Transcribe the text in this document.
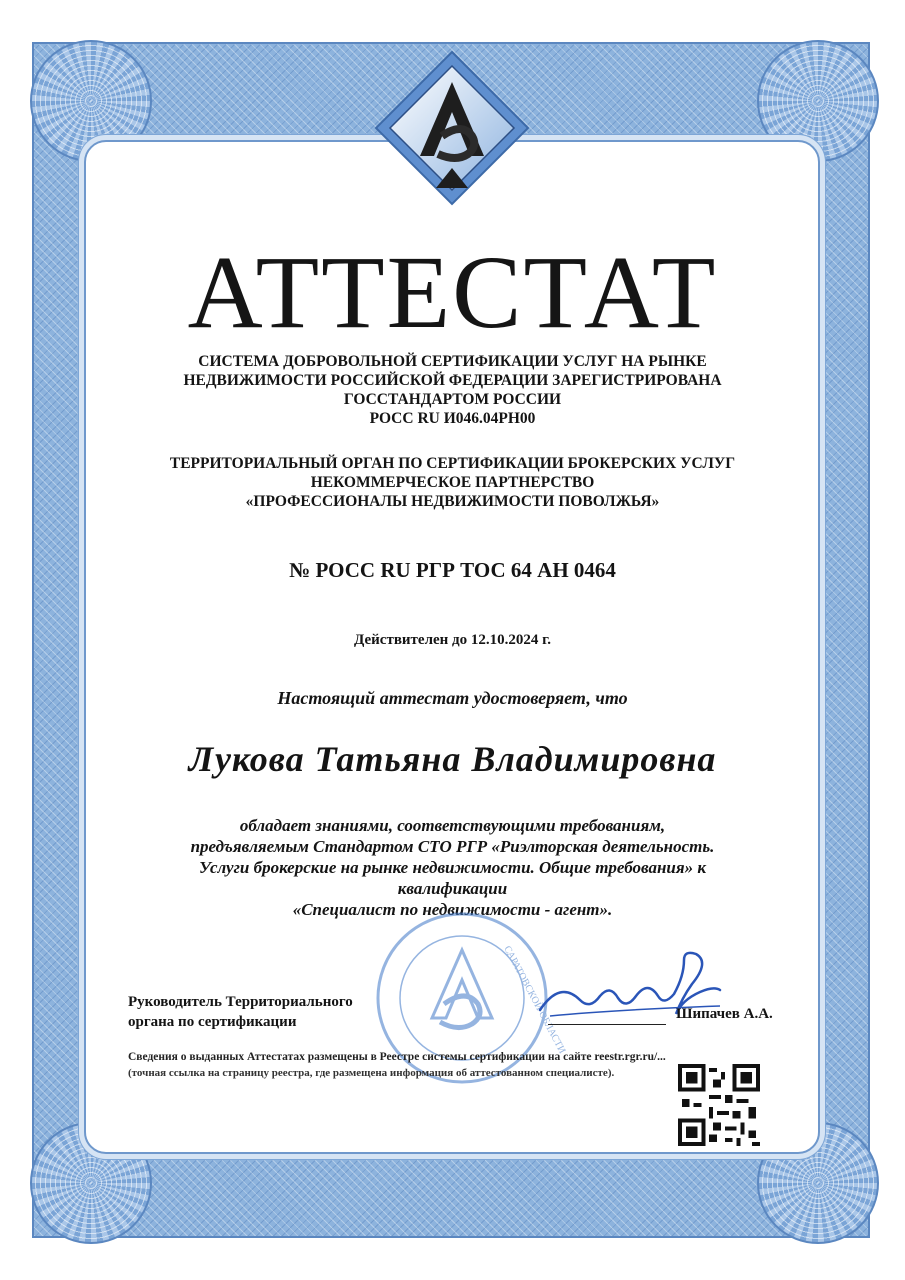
АС
АТТЕСТАТ
СИСТЕМА ДОБРОВОЛЬНОЙ СЕРТИФИКАЦИИ УСЛУГ НА РЫНКЕ
НЕДВИЖИМОСТИ РОССИЙСКОЙ ФЕДЕРАЦИИ ЗАРЕГИСТРИРОВАНА
ГОССТАНДАРТОМ РОССИИ
РОСС RU И046.04РН00
ТЕРРИТОРИАЛЬНЫЙ ОРГАН ПО СЕРТИФИКАЦИИ БРОКЕРСКИХ УСЛУГ
НЕКОММЕРЧЕСКОЕ ПАРТНЕРСТВО
«ПРОФЕССИОНАЛЫ НЕДВИЖИМОСТИ ПОВОЛЖЬЯ»
№ РОСС RU РГР ТОС 64 АН 0464
Действителен до 12.10.2024 г.
Настоящий аттестат удостоверяет, что
Лукова Татьяна Владимировна
обладает знаниями, соответствующими требованиям,
предъявляемым Стандартом СТО РГР «Риэлторская деятельность.
Услуги брокерские на рынке недвижимости. Общие требования» к
квалификации
«Специалист по недвижимости - агент».
САРАТОВСКОЙ ОБЛАСТИ
Руководитель Территориального
органа по сертификации	Шипачев А.А.
Сведения о выданных Аттестатах размещены в Реестре системы сертификации на сайте reestr.rgr.ru/...
(точная ссылка на страницу реестра, где размещена информация об аттестованном специалисте).
